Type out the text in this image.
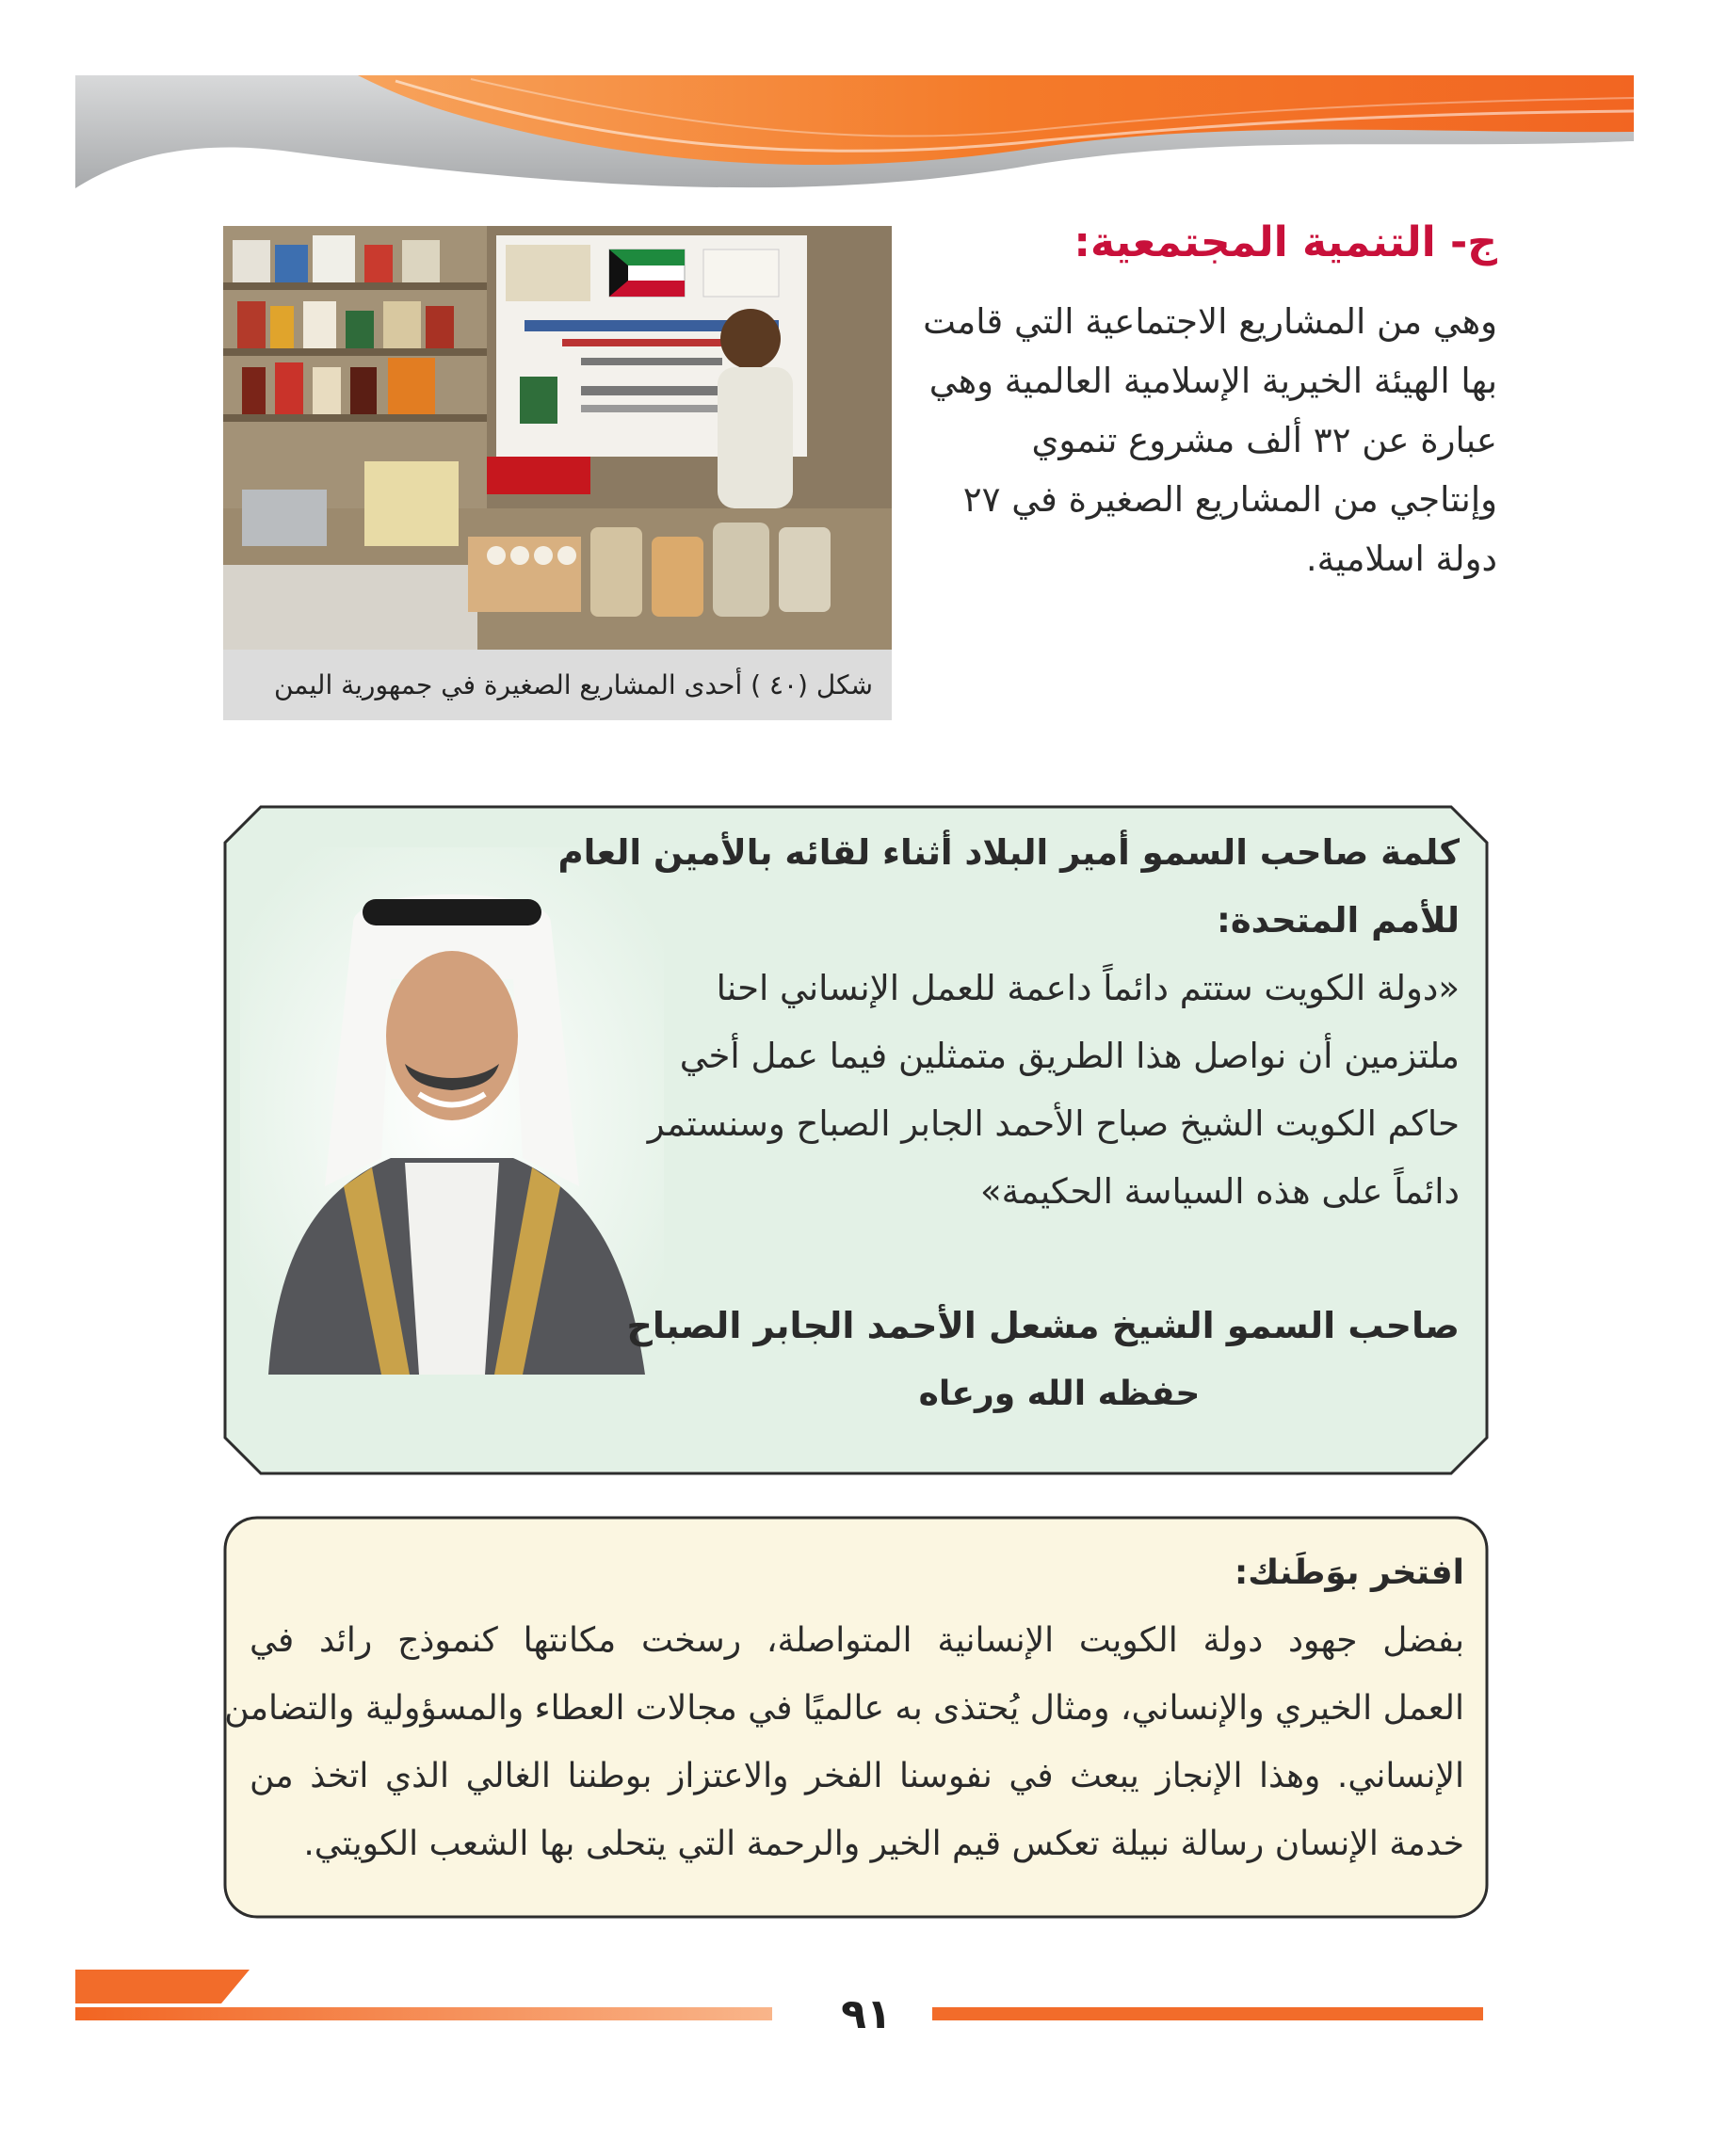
ج- التنمية المجتمعية:
وهي من المشاريع الاجتماعية التي قامت
بها الهيئة الخيرية الإسلامية العالمية وهي
عبارة عن ٣٢ ألف مشروع تنموي
وإنتاجي من المشاريع الصغيرة في ٢٧
دولة اسلامية.
شكل (٤٠ ) أحدى المشاريع الصغيرة في جمهورية اليمن
كلمة صاحب السمو أمير البلاد أثناء لقائه بالأمين العام
للأمم المتحدة:
«دولة الكويت ستتم دائماً داعمة للعمل الإنساني احنا
ملتزمين أن نواصل هذا الطريق متمثلين فيما عمل أخي
حاكم الكويت الشيخ صباح الأحمد الجابر الصباح وسنستمر
دائماً على هذه السياسة الحكيمة»
صاحب السمو الشيخ مشعل الأحمد الجابر الصباح
حفظه الله ورعاه
افتخر بوَطَنك:
بفضل جهود دولة الكويت الإنسانية المتواصلة، رسخت مكانتها كنموذج رائد في
العمل الخيري والإنساني، ومثال يُحتذى به عالميًا في مجالات العطاء والمسؤولية والتضامن
الإنساني. وهذا الإنجاز يبعث في نفوسنا الفخر والاعتزاز بوطننا الغالي الذي اتخذ من
خدمة الإنسان رسالة نبيلة تعكس قيم الخير والرحمة التي يتحلى بها الشعب الكويتي.
٩١
